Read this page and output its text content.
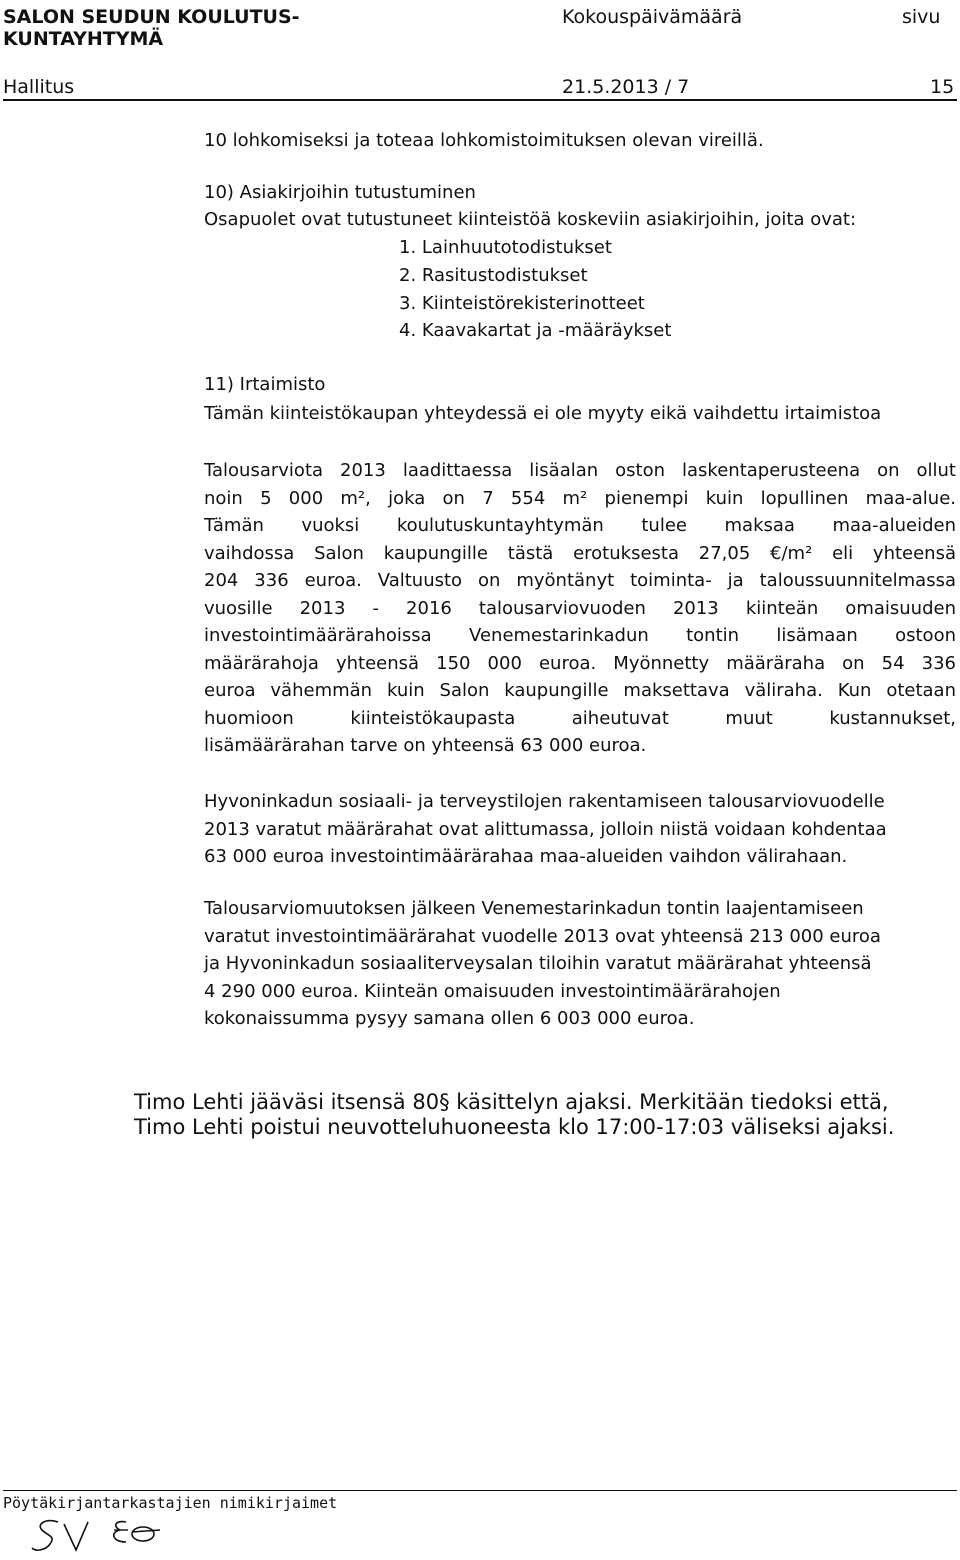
SALON SEUDUN KOULUTUS-
KUNTAYHTYMÄ
Kokouspäivämäärä	sivu
Hallitus	21.5.2013 / 7	15
10 lohkomiseksi ja toteaa lohkomistoimituksen olevan vireillä.
10) Asiakirjoihin tutustuminen
Osapuolet ovat tutustuneet kiinteistöä koskeviin asiakirjoihin, joita ovat:
1. Lainhuutotodistukset
2. Rasitustodistukset
3. Kiinteistörekisterinotteet
4. Kaavakartat ja -määräykset
11) Irtaimisto
Tämän kiinteistökaupan yhteydessä ei ole myyty eikä vaihdettu irtaimistoa
Talousarviota 2013 laadittaessa lisäalan oston laskentaperusteena on ollut
noin 5 000 m², joka on 7 554 m² pienempi kuin lopullinen maa-alue.
Tämän vuoksi koulutuskuntayhtymän tulee maksaa maa-alueiden
vaihdossa Salon kaupungille tästä erotuksesta 27,05 €/m² eli yhteensä
204 336 euroa. Valtuusto on myöntänyt toiminta- ja taloussuunnitelmassa
vuosille 2013 - 2016 talousarviovuoden 2013 kiinteän omaisuuden
investointimäärärahoissa Venemestarinkadun tontin lisämaan ostoon
määrärahoja yhteensä 150 000 euroa. Myönnetty määräraha on 54 336
euroa vähemmän kuin Salon kaupungille maksettava väliraha. Kun otetaan
huomioon kiinteistökaupasta aiheutuvat muut kustannukset,
lisämäärärahan tarve on yhteensä 63 000 euroa.
Hyvoninkadun sosiaali- ja terveystilojen rakentamiseen talousarviovuodelle
2013 varatut määrärahat ovat alittumassa, jolloin niistä voidaan kohdentaa
63 000 euroa investointimäärärahaa maa-alueiden vaihdon välirahaan.
Talousarviomuutoksen jälkeen Venemestarinkadun tontin laajentamiseen
varatut investointimäärärahat vuodelle 2013 ovat yhteensä 213 000 euroa
ja Hyvoninkadun sosiaaliterveysalan tiloihin varatut määrärahat yhteensä
4 290 000 euroa. Kiinteän omaisuuden investointimäärärahojen
kokonaissumma pysyy samana ollen 6 003 000 euroa.
Timo Lehti jääväsi itsensä 80§ käsittelyn ajaksi. Merkitään tiedoksi että,
Timo Lehti poistui neuvotteluhuoneesta klo 17:00-17:03 väliseksi ajaksi.
Pöytäkirjantarkastajien nimikirjaimet
